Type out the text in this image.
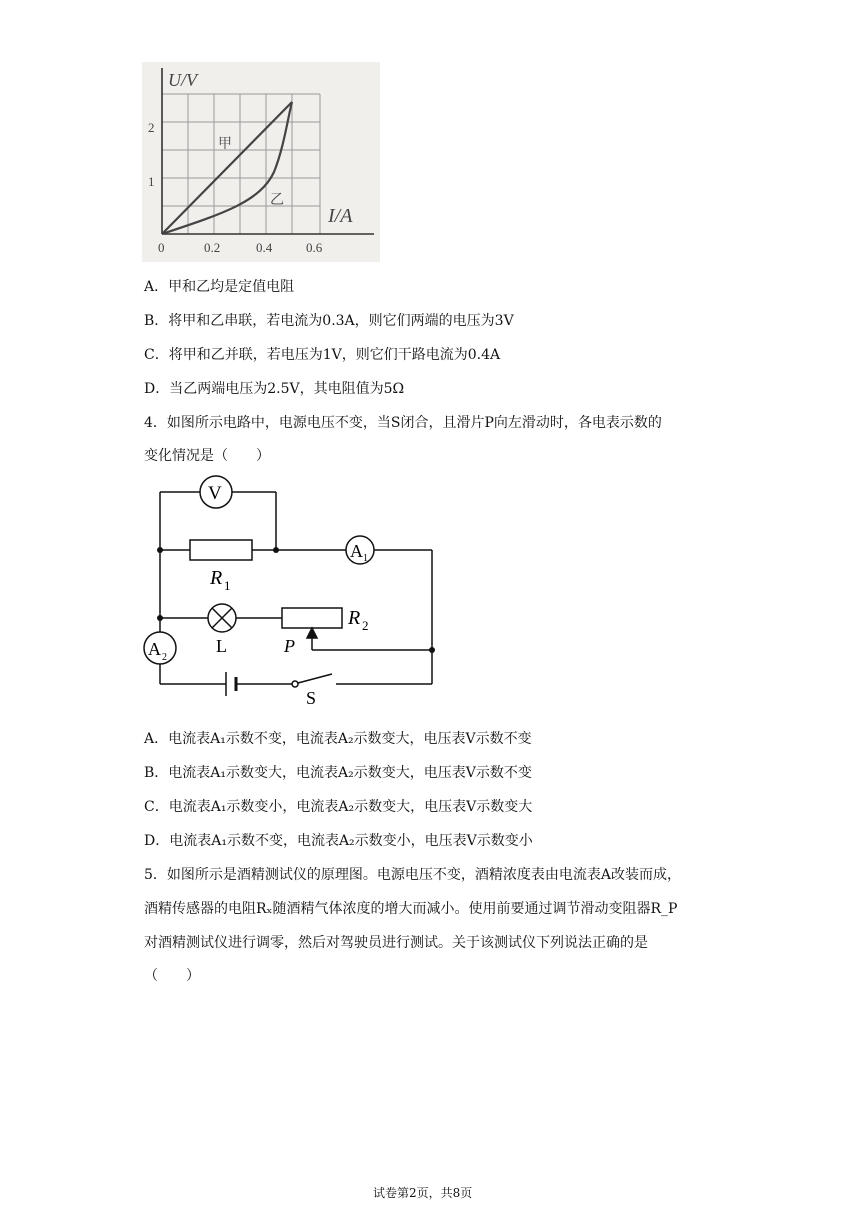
U/V
I/A
2
1
0	0.2	0.4	0.6
甲
乙
A．甲和乙均是定值电阻
B．将甲和乙串联，若电流为0.3A，则它们两端的电压为3V
C．将甲和乙并联，若电压为1V，则它们干路电流为0.4A
D．当乙两端电压为2.5V，其电阻值为5Ω
4．如图所示电路中，电源电压不变，当S闭合，且滑片P向左滑动时，各电表示数的
变化情况是（　　）
V
A 1
A 2
R 1
R 2
L	P
S
A．电流表A₁示数不变，电流表A₂示数变大，电压表V示数不变
B．电流表A₁示数变大，电流表A₂示数变大，电压表V示数不变
C．电流表A₁示数变小，电流表A₂示数变大，电压表V示数变大
D．电流表A₁示数不变，电流表A₂示数变小，电压表V示数变小
5．如图所示是酒精测试仪的原理图。电源电压不变，酒精浓度表由电流表A改装而成，
酒精传感器的电阻Rₓ随酒精气体浓度的增大而减小。使用前要通过调节滑动变阻器R_P
对酒精测试仪进行调零，然后对驾驶员进行测试。关于该测试仪下列说法正确的是
（　　）
试卷第2页，共8页
